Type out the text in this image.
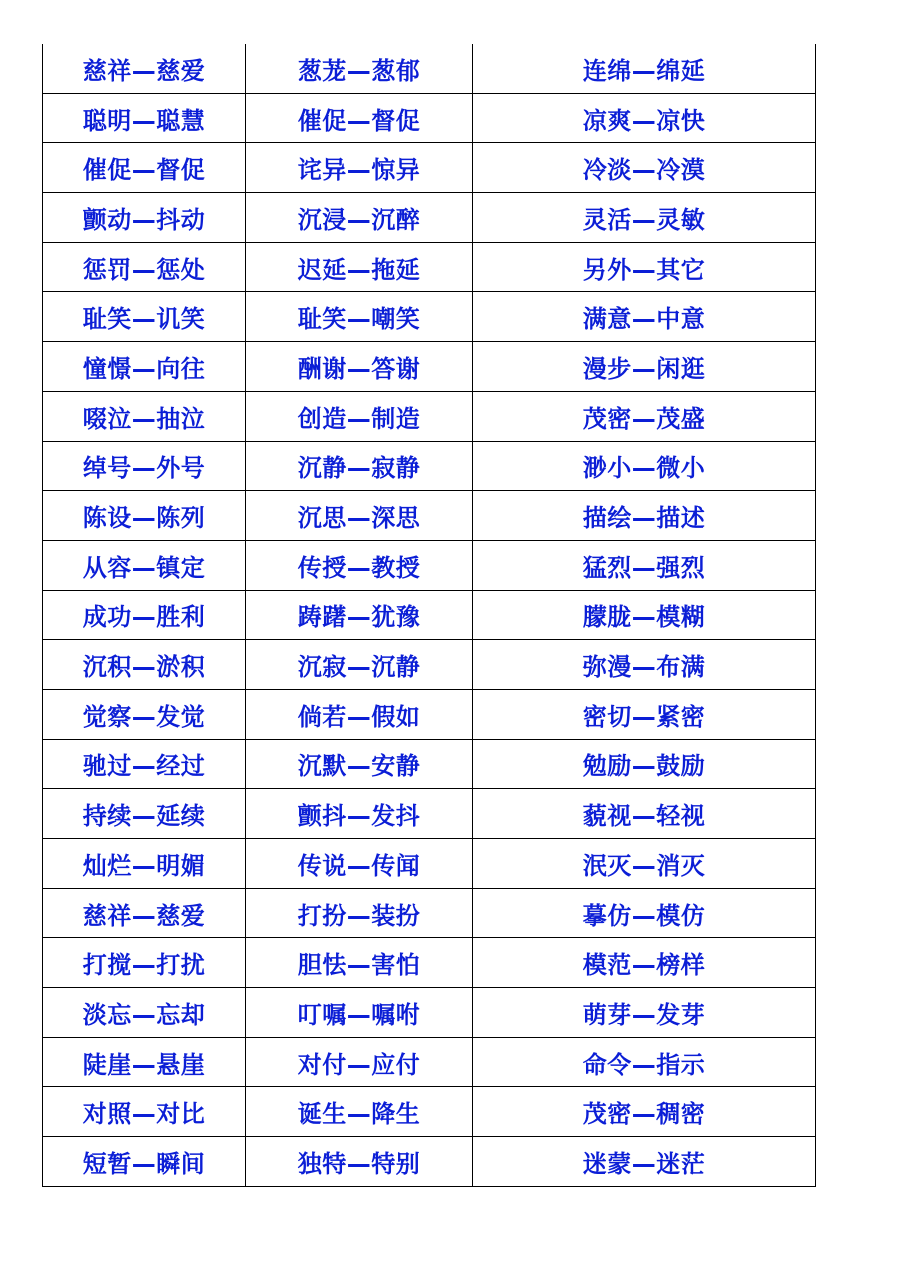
慈祥—慈爱	葱茏—葱郁	连绵—绵延
聪明—聪慧	催促—督促	凉爽—凉快
催促—督促	诧异—惊异	冷淡—冷漠
颤动—抖动	沉浸—沉醉	灵活—灵敏
惩罚—惩处	迟延—拖延	另外—其它
耻笑—讥笑	耻笑—嘲笑	满意—中意
憧憬—向往	酬谢—答谢	漫步—闲逛
啜泣—抽泣	创造—制造	茂密—茂盛
绰号—外号	沉静—寂静	渺小—微小
陈设—陈列	沉思—深思	描绘—描述
从容—镇定	传授—教授	猛烈—强烈
成功—胜利	踌躇—犹豫	朦胧—模糊
沉积—淤积	沉寂—沉静	弥漫—布满
觉察—发觉	倘若—假如	密切—紧密
驰过—经过	沉默—安静	勉励—鼓励
持续—延续	颤抖—发抖	藐视—轻视
灿烂—明媚	传说—传闻	泯灭—消灭
慈祥—慈爱	打扮—装扮	摹仿—模仿
打搅—打扰	胆怯—害怕	模范—榜样
淡忘—忘却	叮嘱—嘱咐	萌芽—发芽
陡崖—悬崖	对付—应付	命令—指示
对照—对比	诞生—降生	茂密—稠密
短暂—瞬间	独特—特别	迷蒙—迷茫
